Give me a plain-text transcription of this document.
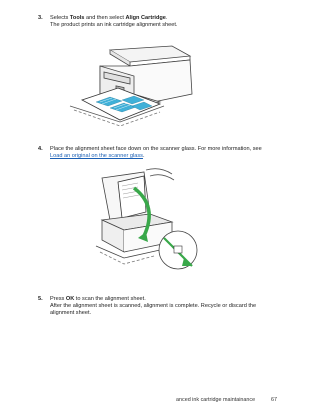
3. Selects Tools and then select Align Cartridge.
The product prints an ink cartridge alignment sheet.
4. Place the alignment sheet face down on the scanner glass. For more information, see
Load an original on the scanner glass.
5. Press OK to scan the alignment sheet.
After the alignment sheet is scanned, alignment is complete. Recycle or discard the
alignment sheet.
anced ink cartridge maintainance	67
